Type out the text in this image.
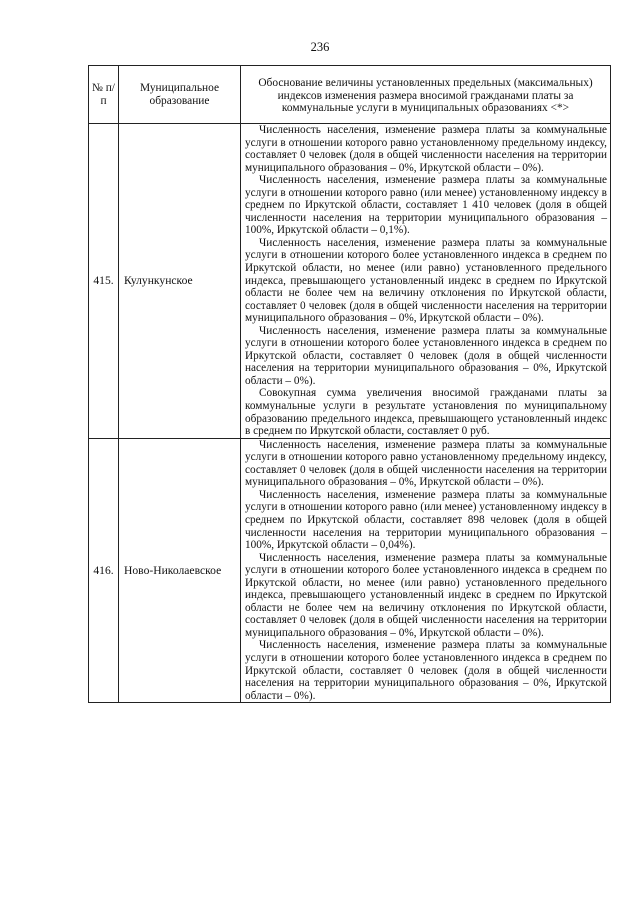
236
№ п/п	Муниципальное образование	Обоснование величины установленных предельных (максимальных) индексов изменения размера вносимой гражданами платы за коммунальные услуги в муниципальных образованиях <*>
415.	Кулункунское	Численность населения, изменение размера платы за коммунальные услуги в отношении которого равно установленному предельному индексу, составляет 0 человек (доля в общей численности населения на территории муниципального образования – 0%, Иркутской области – 0%).

Численность населения, изменение размера платы за коммунальные услуги в отношении которого равно (или менее) установленному индексу в среднем по Иркутской области, составляет 1 410 человек (доля в общей численности населения на территории муниципального образования – 100%, Иркутской области – 0,1%).

Численность населения, изменение размера платы за коммунальные услуги в отношении которого более установленного индекса в среднем по Иркутской области, но менее (или равно) установленного предельного индекса, превышающего установленный индекс в среднем по Иркутской области не более чем на величину отклонения по Иркутской области, составляет 0 человек (доля в общей численности населения на территории муниципального образования – 0%, Иркутской области – 0%).

Численность населения, изменение размера платы за коммунальные услуги в отношении которого более установленного индекса в среднем по Иркутской области, составляет 0 человек (доля в общей численности населения на территории муниципального образования – 0%, Иркутской области – 0%).

Совокупная сумма увеличения вносимой гражданами платы за коммунальные услуги в результате установления по муниципальному образованию предельного индекса, превышающего установленный индекс в среднем по Иркутской области, составляет 0 руб.

416.	Ново-Николаевское	Численность населения, изменение размера платы за коммунальные услуги в отношении которого равно установленному предельному индексу, составляет 0 человек (доля в общей численности населения на территории муниципального образования – 0%, Иркутской области – 0%).

Численность населения, изменение размера платы за коммунальные услуги в отношении которого равно (или менее) установленному индексу в среднем по Иркутской области, составляет 898 человек (доля в общей численности населения на территории муниципального образования – 100%, Иркутской области – 0,04%).

Численность населения, изменение размера платы за коммунальные услуги в отношении которого более установленного индекса в среднем по Иркутской области, но менее (или равно) установленного предельного индекса, превышающего установленный индекс в среднем по Иркутской области не более чем на величину отклонения по Иркутской области, составляет 0 человек (доля в общей численности населения на территории муниципального образования – 0%, Иркутской области – 0%).

Численность населения, изменение размера платы за коммунальные услуги в отношении которого более установленного индекса в среднем по Иркутской области, составляет 0 человек (доля в общей численности населения на территории муниципального образования – 0%, Иркутской области – 0%).
